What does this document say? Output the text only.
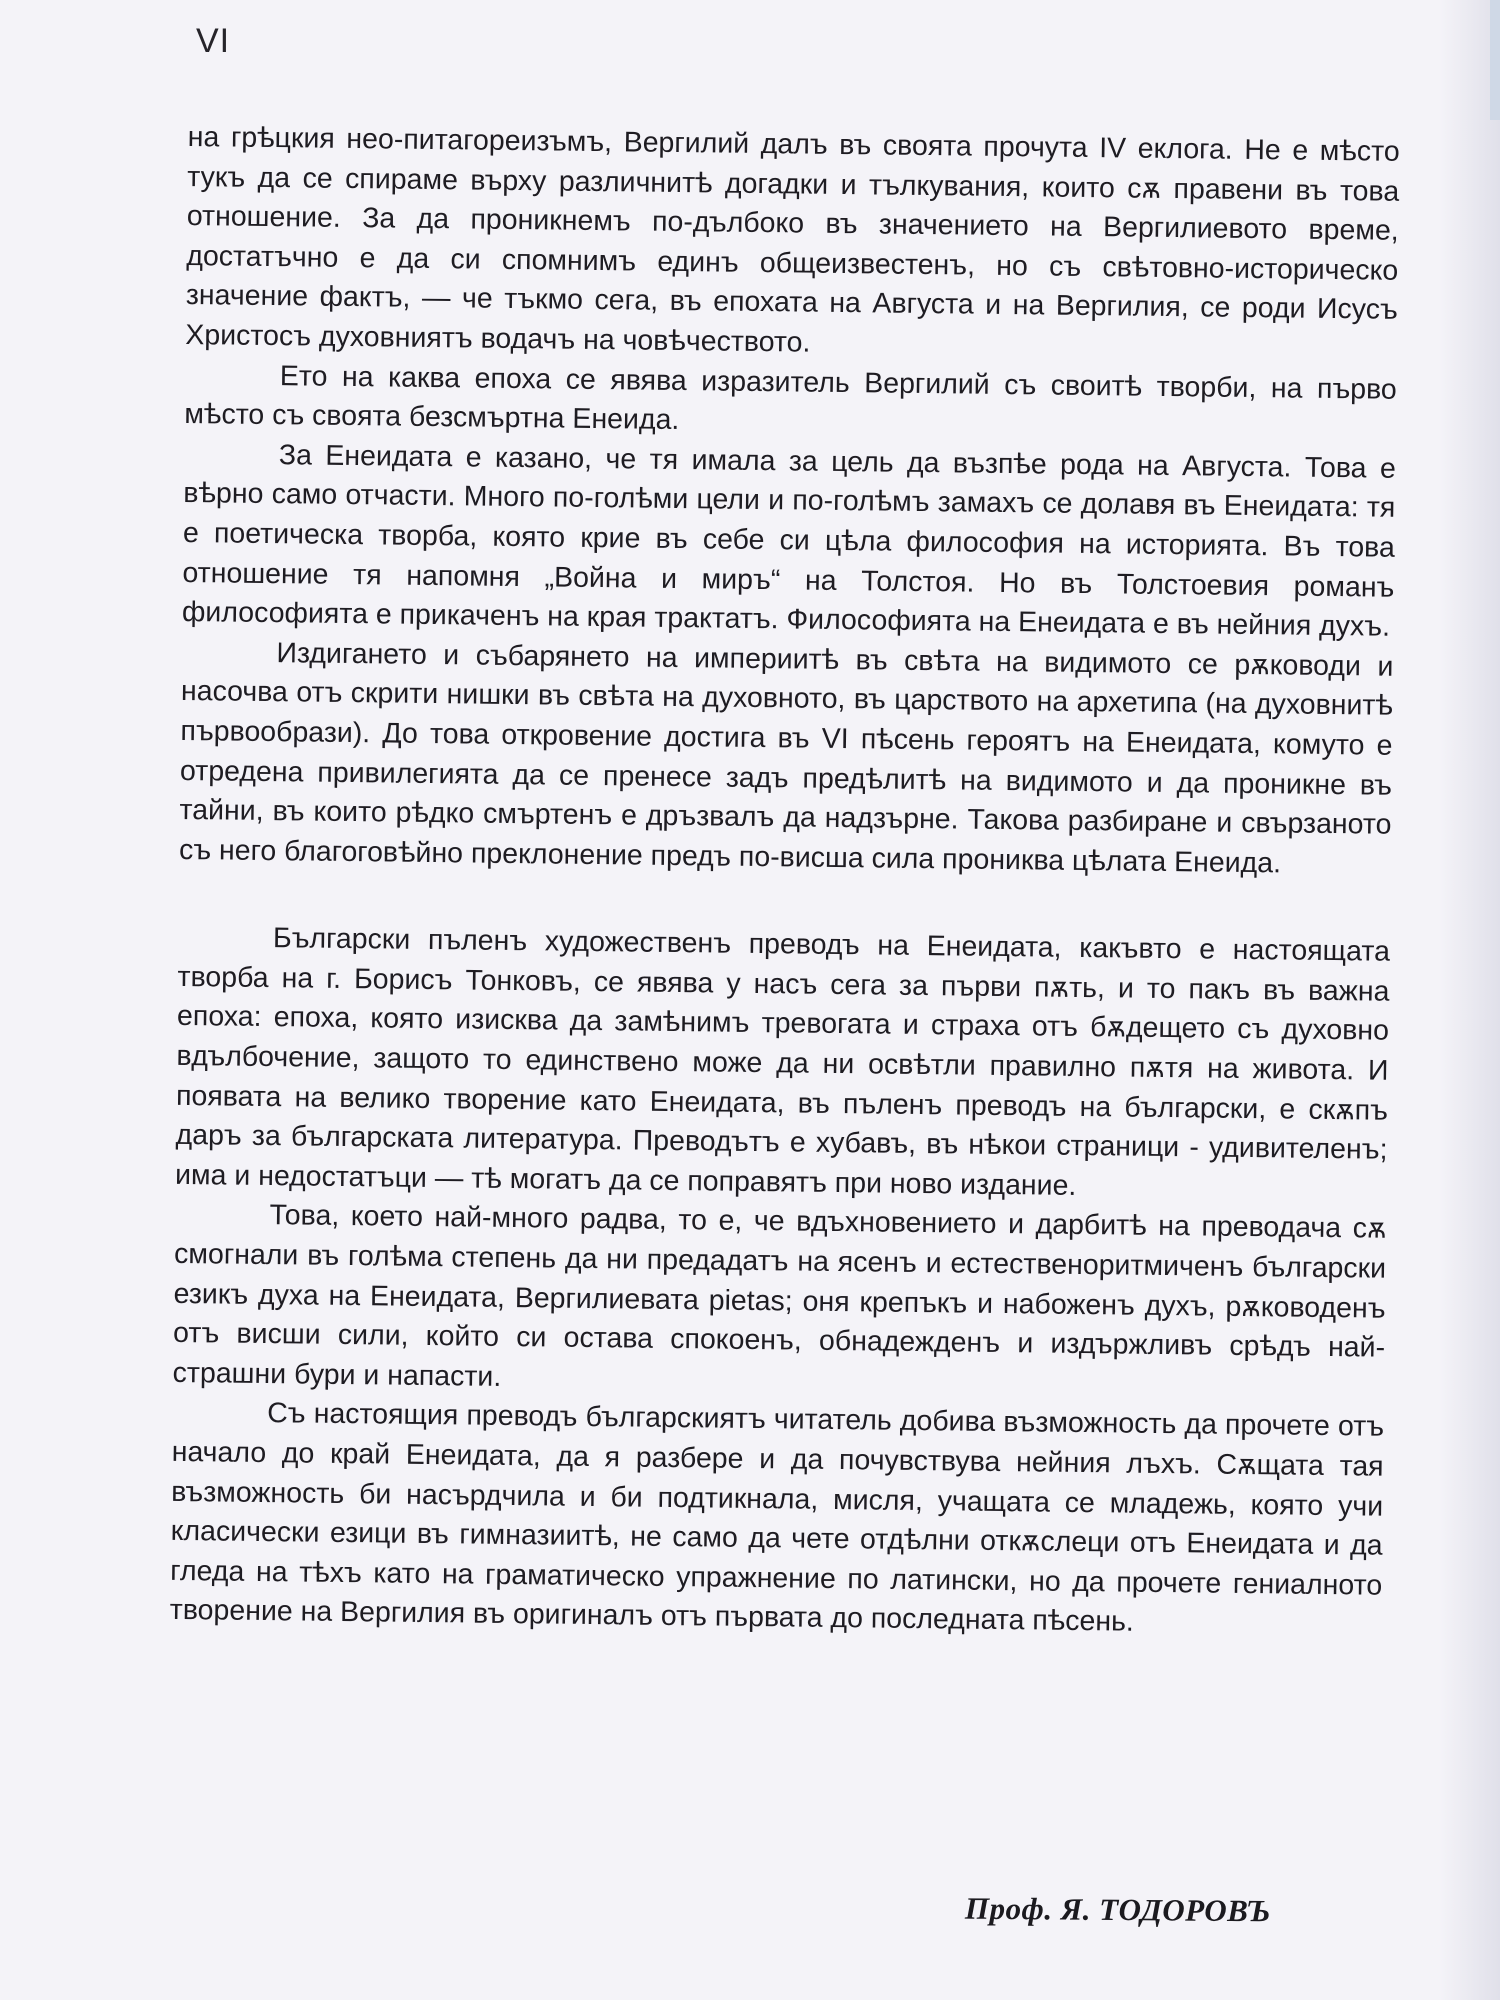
VI

на грѣцкия нео-питагореизъмъ, Вергилий далъ въ своята прочута IV еклога. Не е мѣсто тукъ да се спираме върху различнитѣ догадки и тълкувания, които сѫ правени въ това отношение. За да проникнемъ по-дълбоко въ значението на Вергилиевото време, достатъчно е да си спомнимъ единъ общеизвестенъ, но съ свѣтовно-историческо значение фактъ, — че тъкмо сега, въ епохата на Августа и на Вергилия, се роди Исусъ Христосъ духовниятъ водачъ на човѣчеството.

Ето на каква епоха се явява изразитель Вергилий съ своитѣ творби, на първо мѣсто съ своята безсмъртна Енеида.

За Енеидата е казано, че тя имала за цель да възпѣе рода на Августа. Това е вѣрно само отчасти. Много по-голѣми цели и по-голѣмъ замахъ се долавя въ Енеидата: тя е поетическа творба, която крие въ себе си цѣла философия на историята. Въ това отношение тя напомня „Война и миръ“ на Толстоя. Но въ Толстоевия романъ философията е прикаченъ на края трактатъ. Философията на Енеидата е въ нейния духъ.

Издигането и събарянето на империитѣ въ свѣта на видимото се рѫководи и насочва отъ скрити нишки въ свѣта на духовното, въ царството на архетипа (на духовнитѣ първообрази). До това откровение достига въ VI пѣсень героятъ на Енеидата, комуто е отредена привилегията да се пренесе задъ предѣлитѣ на видимото и да проникне въ тайни, въ които рѣдко смъртенъ е дръзвалъ да надзърне. Такова разбиране и свързаното съ него благоговѣйно преклонение предъ по-висша сила прониква цѣлата Енеида.

Български пъленъ художественъ преводъ на Енеидата, какъвто е настоящата творба на г. Борисъ Тонковъ, се явява у насъ сега за първи пѫть, и то пакъ въ важна епоха: епоха, която изисква да замѣнимъ тревогата и страха отъ бѫдещето съ духовно вдълбочение, защото то единствено може да ни освѣтли правилно пѫтя на живота. И появата на велико творение като Енеидата, въ пъленъ преводъ на български, е скѫпъ даръ за българската литература. Преводътъ е хубавъ, въ нѣкои страници - удивителенъ; има и недостатъци — тѣ могатъ да се поправятъ при ново издание.

Това, което най-много радва, то е, че вдъхновението и дарбитѣ на преводача сѫ смогнали въ голѣма степень да ни предадатъ на ясенъ и естественоритмиченъ български езикъ духа на Енеидата, Вергилиевата pietas; оня крепъкъ и набоженъ духъ, рѫководенъ отъ висши сили, който си остава спокоенъ, обнадежденъ и издържливъ срѣдъ най-страшни бури и напасти.

Съ настоящия преводъ българскиятъ читатель добива възможность да прочете отъ начало до край Енеидата, да я разбере и да почувствува нейния лъхъ. Сѫщата тая възможность би насърдчила и би подтикнала, мисля, учащата се младежь, която учи класически езици въ гимназиитѣ, не само да чете отдѣлни откѫслеци отъ Енеидата и да гледа на тѣхъ като на граматическо упражнение по латински, но да прочете гениалното творение на Вергилия въ оригиналъ отъ първата до последната пѣсень.

Проф. Я. ТОДОРОВЪ
